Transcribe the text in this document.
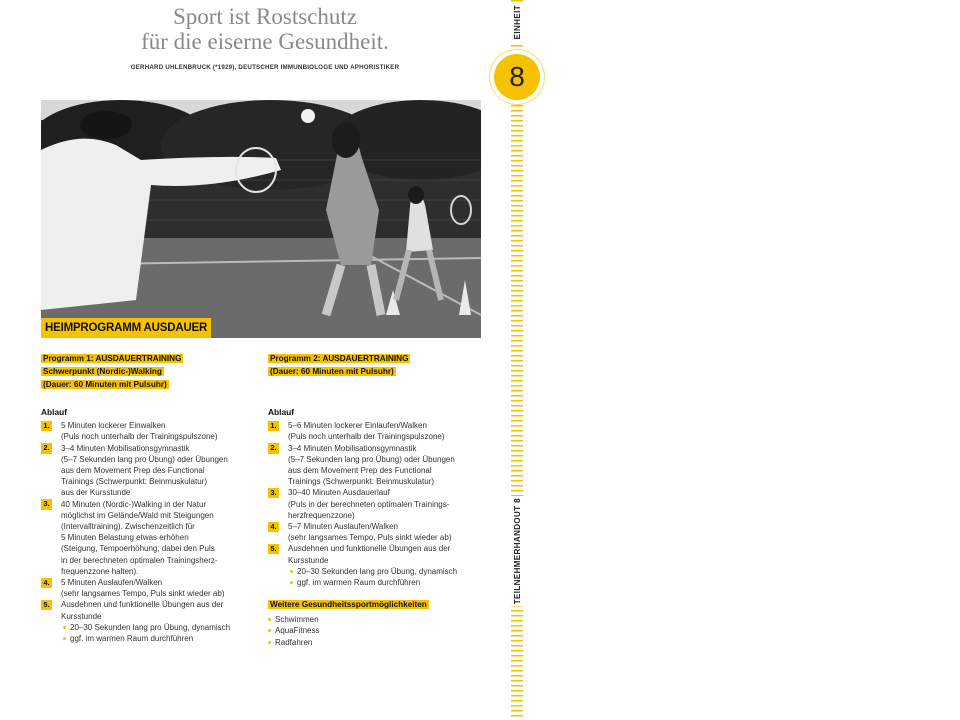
Sport ist Rostschutz
für die eiserne Gesundheit.

GERHARD UHLENBRUCK (*1929), DEUTSCHER IMMUNBIOLOGE UND APHORISTIKER

EINHEIT
8
TEILNEHMERHANDOUT 8
HEIMPROGRAMM AUSDAUER

Programm 1: AUSDAUERTRAINING
Schwerpunkt (Nordic-)Walking
(Dauer: 60 Minuten mit Pulsuhr)

Ablauf
1. 5 Minuten lockerer Einwalken
(Puls noch unterhalb der Trainingspulszone)
2. 3–4 Minuten Mobilisationsgymnastik
(5–7 Sekunden lang pro Übung) oder Übungen
aus dem Movement Prep des Functional
Trainings (Schwerpunkt: Beinmuskulatur)
aus der Kursstunde
3. 40 Minuten (Nordic-)Walking in der Natur
möglichst im Gelände/Wald mit Steigungen
(Intervalltraining). Zwischenzeitlich für
5 Minuten Belastung etwas erhöhen
(Steigung, Tempoerhöhung, dabei den Puls
in der berechneten optimalen Trainingsherz-
frequenzzone halten).
4. 5 Minuten Auslaufen/Walken
(sehr langsames Tempo, Puls sinkt wieder ab)
5. Ausdehnen und funktionelle Übungen aus der
Kursstunde
20–30 Sekunden lang pro Übung, dynamisch
ggf. im warmen Raum durchführen

Programm 2: AUSDAUERTRAINING
(Dauer: 60 Minuten mit Pulsuhr)

Ablauf
1. 5–6 Minuten lockerer Einlaufen/Walken
(Puls noch unterhalb der Trainingspulszone)
2. 3–4 Minuten Mobilisationsgymnastik
(5–7 Sekunden lang pro Übung) oder Übungen
aus dem Movement Prep des Functional
Trainings (Schwerpunkt: Beinmuskulatur)
3. 30–40 Minuten Ausdauerlauf
(Puls in der berechneten optimalen Trainings-
herzfrequenzzone)
4. 5–7 Minuten Auslaufen/Walken
(sehr langsames Tempo, Puls sinkt wieder ab)
5. Ausdehnen und funktionelle Übungen aus der
Kursstunde
20–30 Sekunden lang pro Übung, dynamisch
ggf. im warmen Raum durchführen

Weitere Gesundheitssportmöglichkeiten

Schwimmen
AquaFitness
Radfahren
